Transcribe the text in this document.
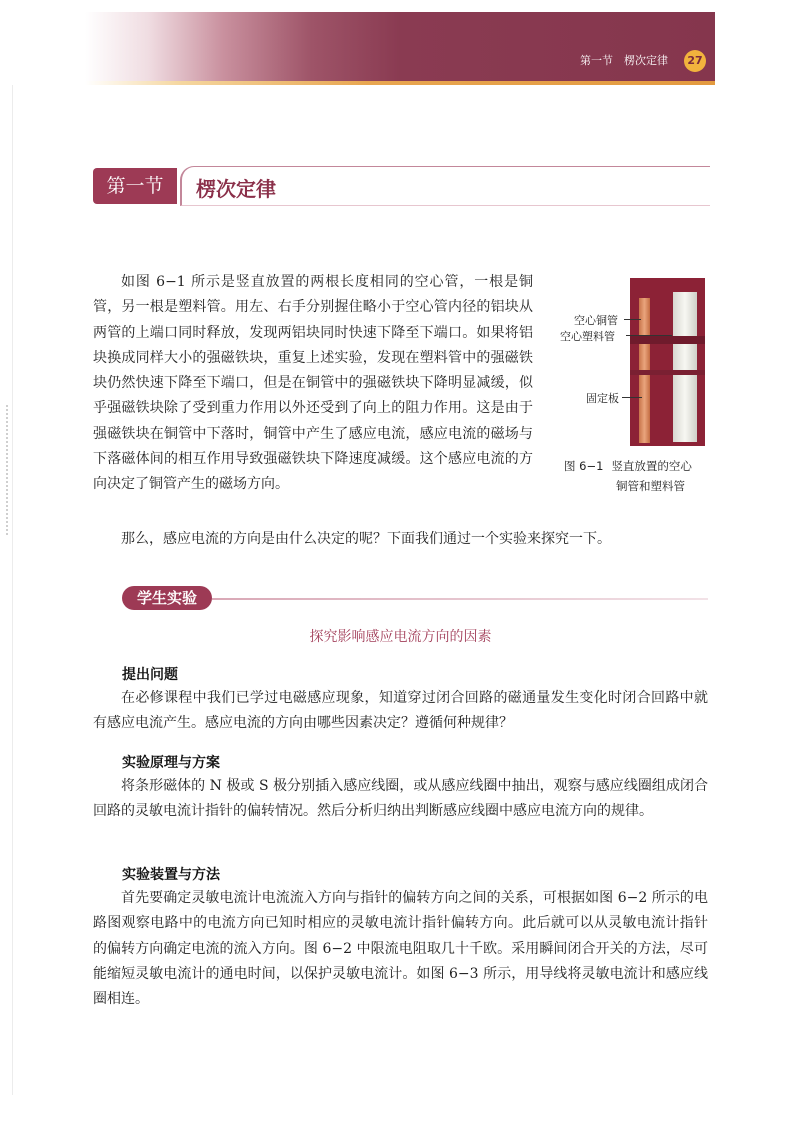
第一节　楞次定律	27
第一节	楞次定律

如图 6−1 所示是竖直放置的两根长度相同的空心管，一根是铜管，另一根是塑料管。用左、右手分别握住略小于空心管内径的铝块从两管的上端口同时释放，发现两铝块同时快速下降至下端口。如果将铝块换成同样大小的强磁铁块，重复上述实验，发现在塑料管中的强磁铁块仍然快速下降至下端口，但是在铜管中的强磁铁块下降明显减缓，似乎强磁铁块除了受到重力作用以外还受到了向上的阻力作用。这是由于强磁铁块在铜管中下落时，铜管中产生了感应电流，感应电流的磁场与下落磁体间的相互作用导致强磁铁块下降速度减缓。这个感应电流的方向决定了铜管产生的磁场方向。

那么，感应电流的方向是由什么决定的呢？下面我们通过一个实验来探究一下。

空心铜管
空心塑料管
固定板
图 6−1 竖直放置的空心
铜管和塑料管
学生实验
探究影响感应电流方向的因素
提出问题

在必修课程中我们已学过电磁感应现象，知道穿过闭合回路的磁通量发生变化时闭合回路中就有感应电流产生。感应电流的方向由哪些因素决定？遵循何种规律？

实验原理与方案

将条形磁体的 N 极或 S 极分别插入感应线圈，或从感应线圈中抽出，观察与感应线圈组成闭合回路的灵敏电流计指针的偏转情况。然后分析归纳出判断感应线圈中感应电流方向的规律。

实验装置与方法

首先要确定灵敏电流计电流流入方向与指针的偏转方向之间的关系，可根据如图 6−2 所示的电路图观察电路中的电流方向已知时相应的灵敏电流计指针偏转方向。此后就可以从灵敏电流计指针的偏转方向确定电流的流入方向。图 6−2 中限流电阻取几十千欧。采用瞬间闭合开关的方法，尽可能缩短灵敏电流计的通电时间，以保护灵敏电流计。如图 6−3 所示，用导线将灵敏电流计和感应线圈相连。
